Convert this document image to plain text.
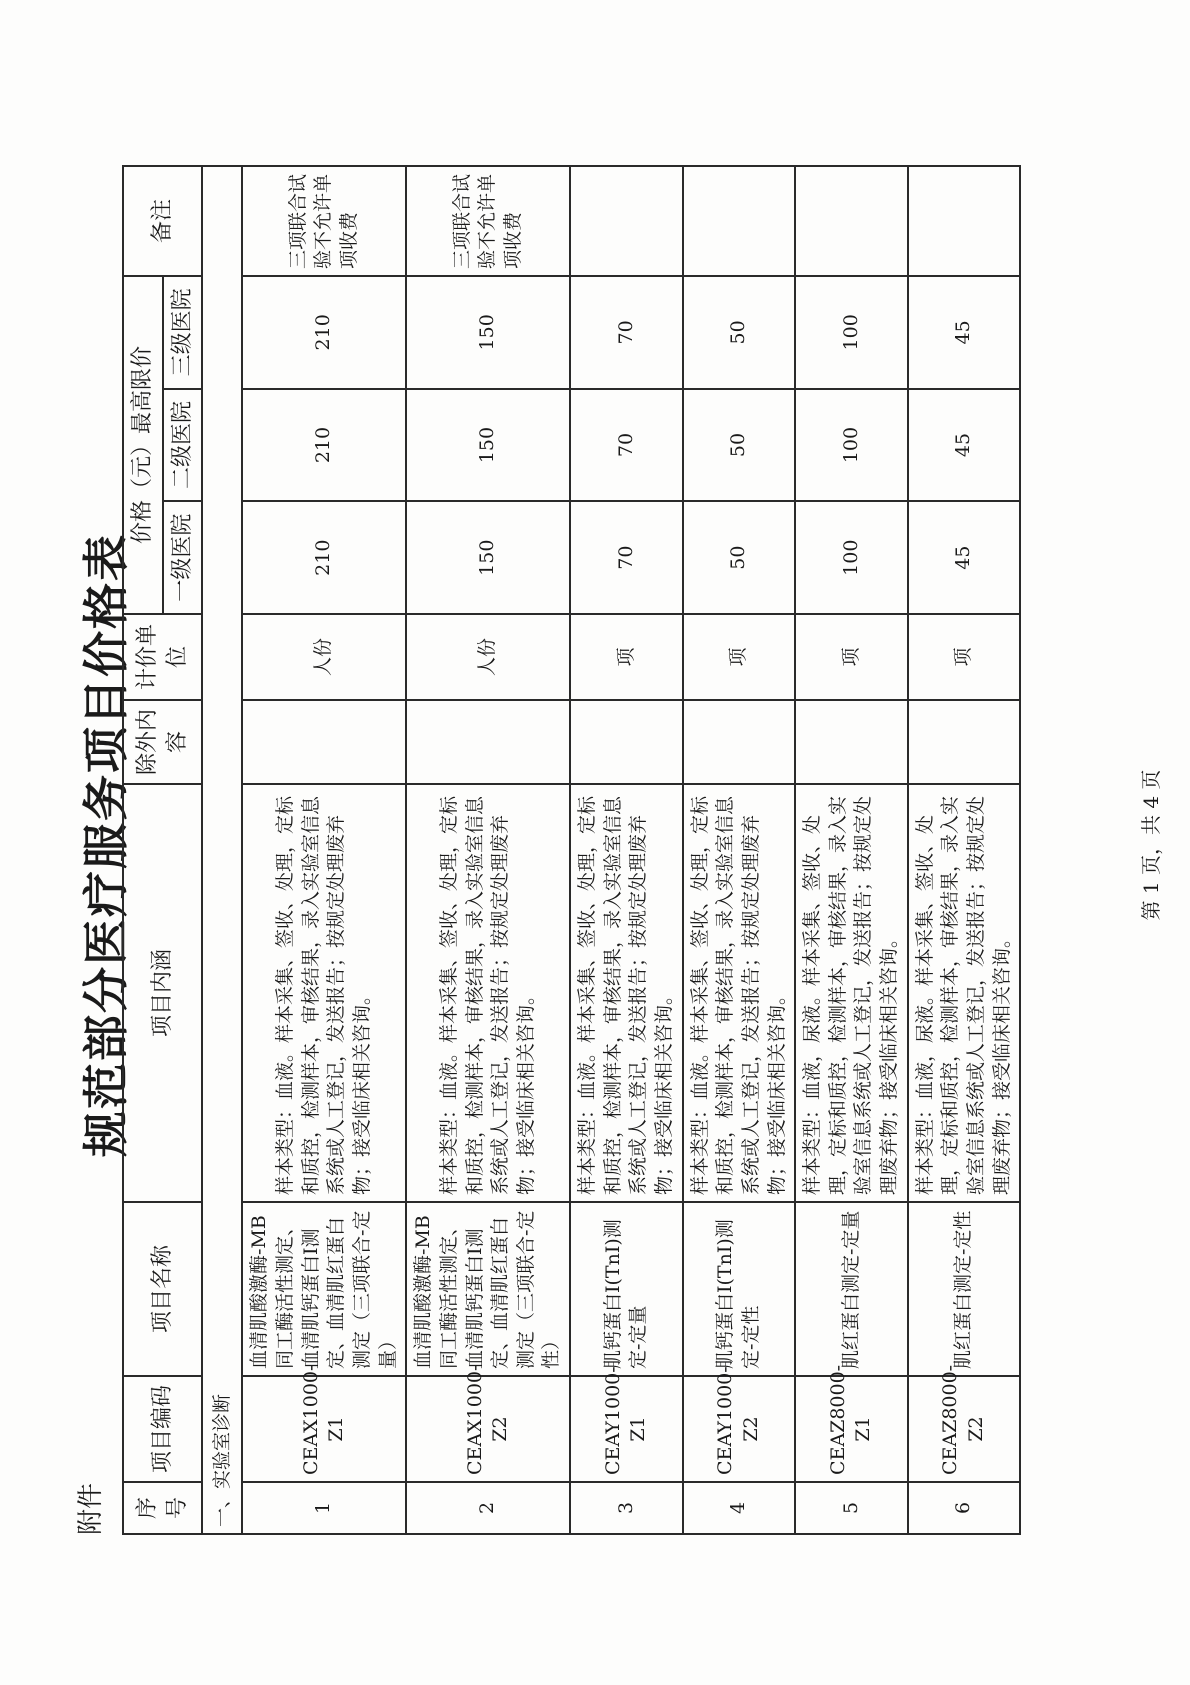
附件
规范部分医疗服务项目价格表
序号	项目编码	项目名称	项目内涵	除外内容	计价单位	价格（元）最高限价			备注
						一级医院	二级医院	三级医院	
一、实验室诊断									
1	CEAX1000-Z1	血清肌酸激酶-MB同工酶活性测定、血清肌钙蛋白I测定、血清肌红蛋白测定（三项联合-定量）	样本类型：血液。样本采集、签收、处理，定标和质控，检测样本，审核结果，录入实验室信息系统或人工登记，发送报告；按规定处理废弃物；接受临床相关咨询。		人份	210	210	210	三项联合试验不允许单项收费
2	CEAX1000-Z2	血清肌酸激酶-MB同工酶活性测定、血清肌钙蛋白I测定、血清肌红蛋白测定（三项联合-定性）	样本类型：血液。样本采集、签收、处理，定标和质控，检测样本，审核结果，录入实验室信息系统或人工登记，发送报告；按规定处理废弃物；接受临床相关咨询。		人份	150	150	150	三项联合试验不允许单项收费
3	CEAY1000-Z1	肌钙蛋白Ⅰ(TnI)测定-定量	样本类型：血液。样本采集、签收、处理，定标和质控，检测样本，审核结果，录入实验室信息系统或人工登记，发送报告；按规定处理废弃物；接受临床相关咨询。		项	70	70	70	
4	CEAY1000-Z2	肌钙蛋白Ⅰ(TnI)测定-定性	样本类型：血液。样本采集、签收、处理，定标和质控，检测样本，审核结果，录入实验室信息系统或人工登记，发送报告；按规定处理废弃物；接受临床相关咨询。		项	50	50	50	
5	CEAZ8000-Z1	肌红蛋白测定-定量	样本类型：血液，尿液。样本采集、签收、处理，定标和质控，检测样本，审核结果，录入实验室信息系统或人工登记，发送报告；按规定处理废弃物；接受临床相关咨询。		项	100	100	100	
6	CEAZ8000-Z2	肌红蛋白测定-定性	样本类型：血液，尿液。样本采集、签收、处理，定标和质控，检测样本，审核结果，录入实验室信息系统或人工登记，发送报告；按规定处理废弃物；接受临床相关咨询。		项	45	45	45	
第 1 页，共 4 页
